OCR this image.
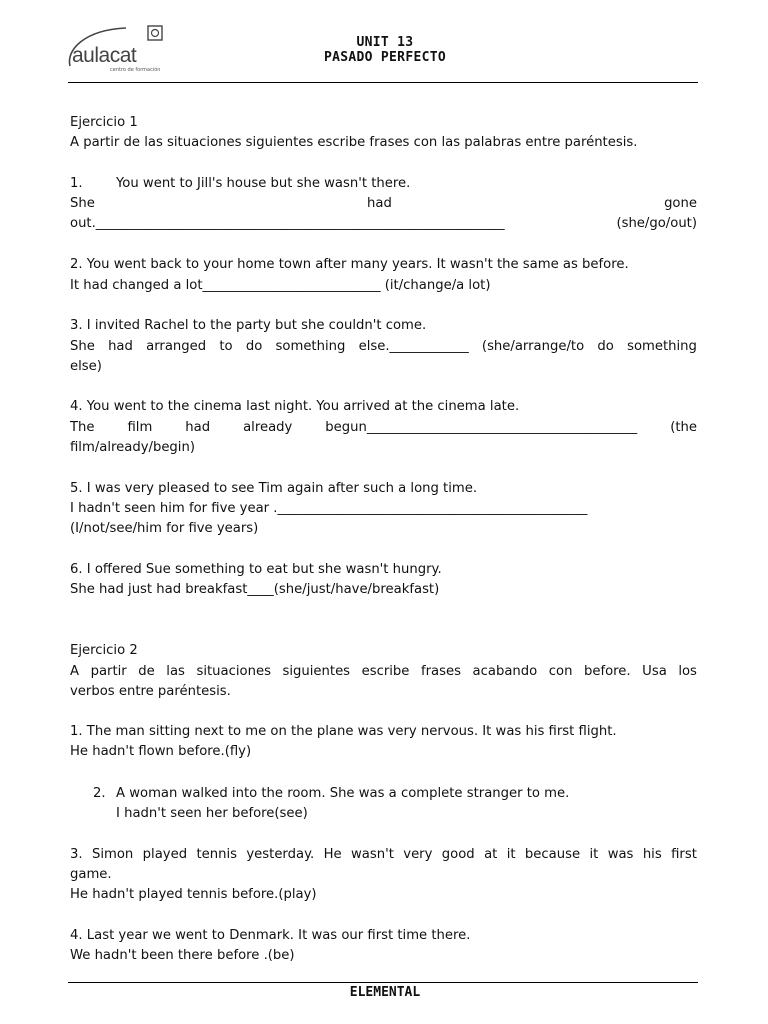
aulacat
centro de formación
UNIT 13
PASADO PERFECTO
Ejercicio 1
A partir de las situaciones siguientes escribe frases con las palabras entre paréntesis.
1.	You went to Jill's house but she wasn't there.
She	had	gone
out.______________________________________________________________	(she/go/out)
2. You went back to your home town after many years. It wasn't the same as before.
It had changed a lot___________________________ (it/change/a lot)
3. I invited Rachel to the party but she couldn't come.
She had arranged to do something else.____________ (she/arrange/to do something
else)
4. You went to the cinema last night. You arrived at the cinema late.
The film had already begun_________________________________________ (the
film/already/begin)
5. I was very pleased to see Tim again after such a long time.
I hadn't seen him for five year ._______________________________________________
(I/not/see/him for five years)
6. I offered Sue something to eat but she wasn't hungry.
She had just had breakfast____(she/just/have/breakfast)
Ejercicio 2
A partir de las situaciones siguientes escribe frases acabando con before. Usa los
verbos entre paréntesis.
1. The man sitting next to me on the plane was very nervous. It was his first flight.
He hadn't flown before.(fly)
2. A woman walked into the room. She was a complete stranger to me.
I hadn't seen her before(see)
3. Simon played tennis yesterday. He wasn't very good at it because it was his first
game.
He hadn't played tennis before.(play)
4. Last year we went to Denmark. It was our first time there.
We hadn't been there before .(be)
ELEMENTAL
